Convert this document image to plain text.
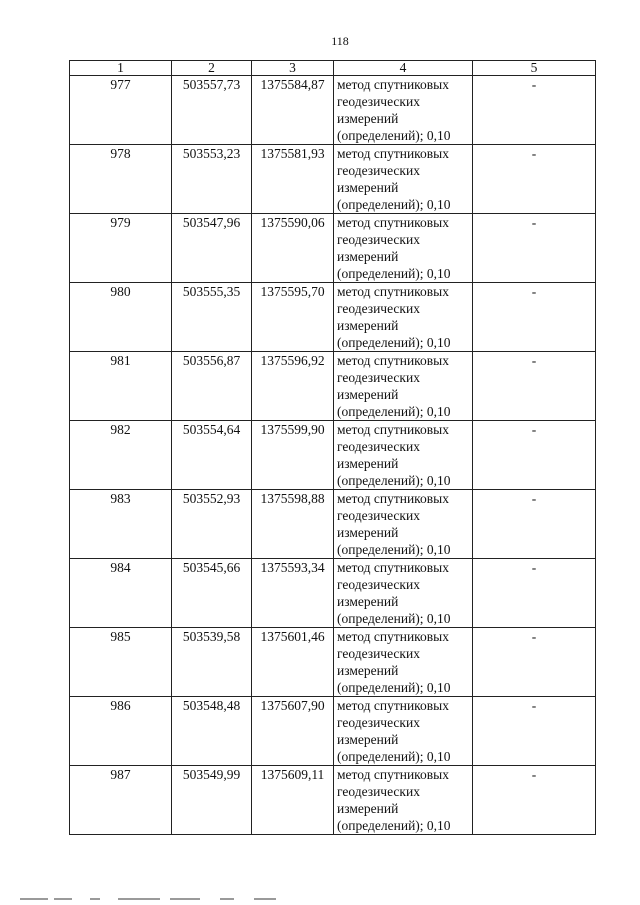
118
1	2	3	4	5
977	503557,73	1375584,87	метод спутниковых геодезических измерений (определений); 0,10	-
978	503553,23	1375581,93	метод спутниковых геодезических измерений (определений); 0,10	-
979	503547,96	1375590,06	метод спутниковых геодезических измерений (определений); 0,10	-
980	503555,35	1375595,70	метод спутниковых геодезических измерений (определений); 0,10	-
981	503556,87	1375596,92	метод спутниковых геодезических измерений (определений); 0,10	-
982	503554,64	1375599,90	метод спутниковых геодезических измерений (определений); 0,10	-
983	503552,93	1375598,88	метод спутниковых геодезических измерений (определений); 0,10	-
984	503545,66	1375593,34	метод спутниковых геодезических измерений (определений); 0,10	-
985	503539,58	1375601,46	метод спутниковых геодезических измерений (определений); 0,10	-
986	503548,48	1375607,90	метод спутниковых геодезических измерений (определений); 0,10	-
987	503549,99	1375609,11	метод спутниковых геодезических измерений (определений); 0,10	-
